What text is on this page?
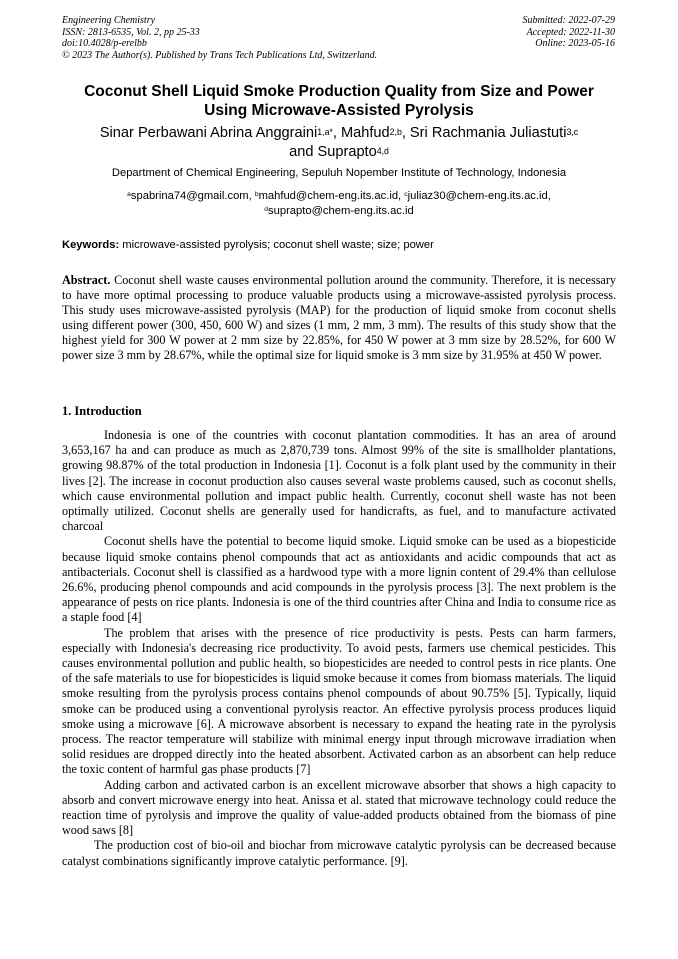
Engineering Chemistry
ISSN: 2813-6535, Vol. 2, pp 25-33
doi:10.4028/p-erelbb
© 2023 The Author(s). Published by Trans Tech Publications Ltd, Switzerland.
Submitted: 2022-07-29
Accepted: 2022-11-30
Online: 2023-05-16
Coconut Shell Liquid Smoke Production Quality from Size and Power
Using Microwave-Assisted Pyrolysis
Sinar Perbawani Abrina Anggraini$^{1,a*}$, Mahfud$^{2,b}$, Sri Rachmania Juliastuti$^{3,c}$
and Suprapto$^{4,d}$
Department of Chemical Engineering, Sepuluh Nopember Institute of Technology, Indonesia
$^a$spabrina74@gmail.com, $^b$mahfud@chem-eng.its.ac.id, $^c$juliaz30@chem-eng.its.ac.id,
$^d$suprapto@chem-eng.its.ac.id
Keywords: microwave-assisted pyrolysis; coconut shell waste; size; power
Abstract. Coconut shell waste causes environmental pollution around the community. Therefore, it is necessary to have more optimal processing to produce valuable products using a microwave-assisted pyrolysis process. This study uses microwave-assisted pyrolysis (MAP) for the production of liquid smoke from coconut shells using different power (300, 450, 600 W) and sizes (1 mm, 2 mm, 3 mm). The results of this study show that the highest yield for 300 W power at 2 mm size by 22.85%, for 450 W power at 3 mm size by 28.52%, for 600 W power size 3 mm by 28.67%, while the optimal size for liquid smoke is 3 mm size by 31.95% at 450 W power.
1. Introduction

Indonesia is one of the countries with coconut plantation commodities. It has an area of around 3,653,167 ha and can produce as much as 2,870,739 tons. Almost 99% of the site is smallholder plantations, growing 98.87% of the total production in Indonesia [1]. Coconut is a folk plant used by the community in their lives [2]. The increase in coconut production also causes several waste problems caused, such as coconut shells, which cause environmental pollution and impact public health. Currently, coconut shell waste has not been optimally utilized. Coconut shells are generally used for handicrafts, as fuel, and to manufacture activated charcoal

Coconut shells have the potential to become liquid smoke. Liquid smoke can be used as a biopesticide because liquid smoke contains phenol compounds that act as antioxidants and acidic compounds that act as antibacterials. Coconut shell is classified as a hardwood type with a more lignin content of 29.4% than cellulose 26.6%, producing phenol compounds and acid compounds in the pyrolysis process [3]. The next problem is the appearance of pests on rice plants. Indonesia is one of the third countries after China and India to consume rice as a staple food [4]

The problem that arises with the presence of rice productivity is pests. Pests can harm farmers, especially with Indonesia's decreasing rice productivity. To avoid pests, farmers use chemical pesticides. This causes environmental pollution and public health, so biopesticides are needed to control pests in rice plants. One of the safe materials to use for biopesticides is liquid smoke because it comes from biomass materials. The liquid smoke resulting from the pyrolysis process contains phenol compounds of about 90.75% [5]. Typically, liquid smoke can be produced using a conventional pyrolysis reactor. An effective pyrolysis process produces liquid smoke using a microwave [6]. A microwave absorbent is necessary to expand the heating rate in the pyrolysis process. The reactor temperature will stabilize with minimal energy input through microwave irradiation when solid residues are dropped directly into the heated absorbent. Activated carbon as an absorbent can help reduce the toxic content of harmful gas phase products [7]

Adding carbon and activated carbon is an excellent microwave absorber that shows a high capacity to absorb and convert microwave energy into heat. Anissa et al. stated that microwave technology could reduce the reaction time of pyrolysis and improve the quality of value-added products obtained from the biomass of pine wood saws [8]

The production cost of bio-oil and biochar from microwave catalytic pyrolysis can be decreased because catalyst combinations significantly improve catalytic performance. [9].
